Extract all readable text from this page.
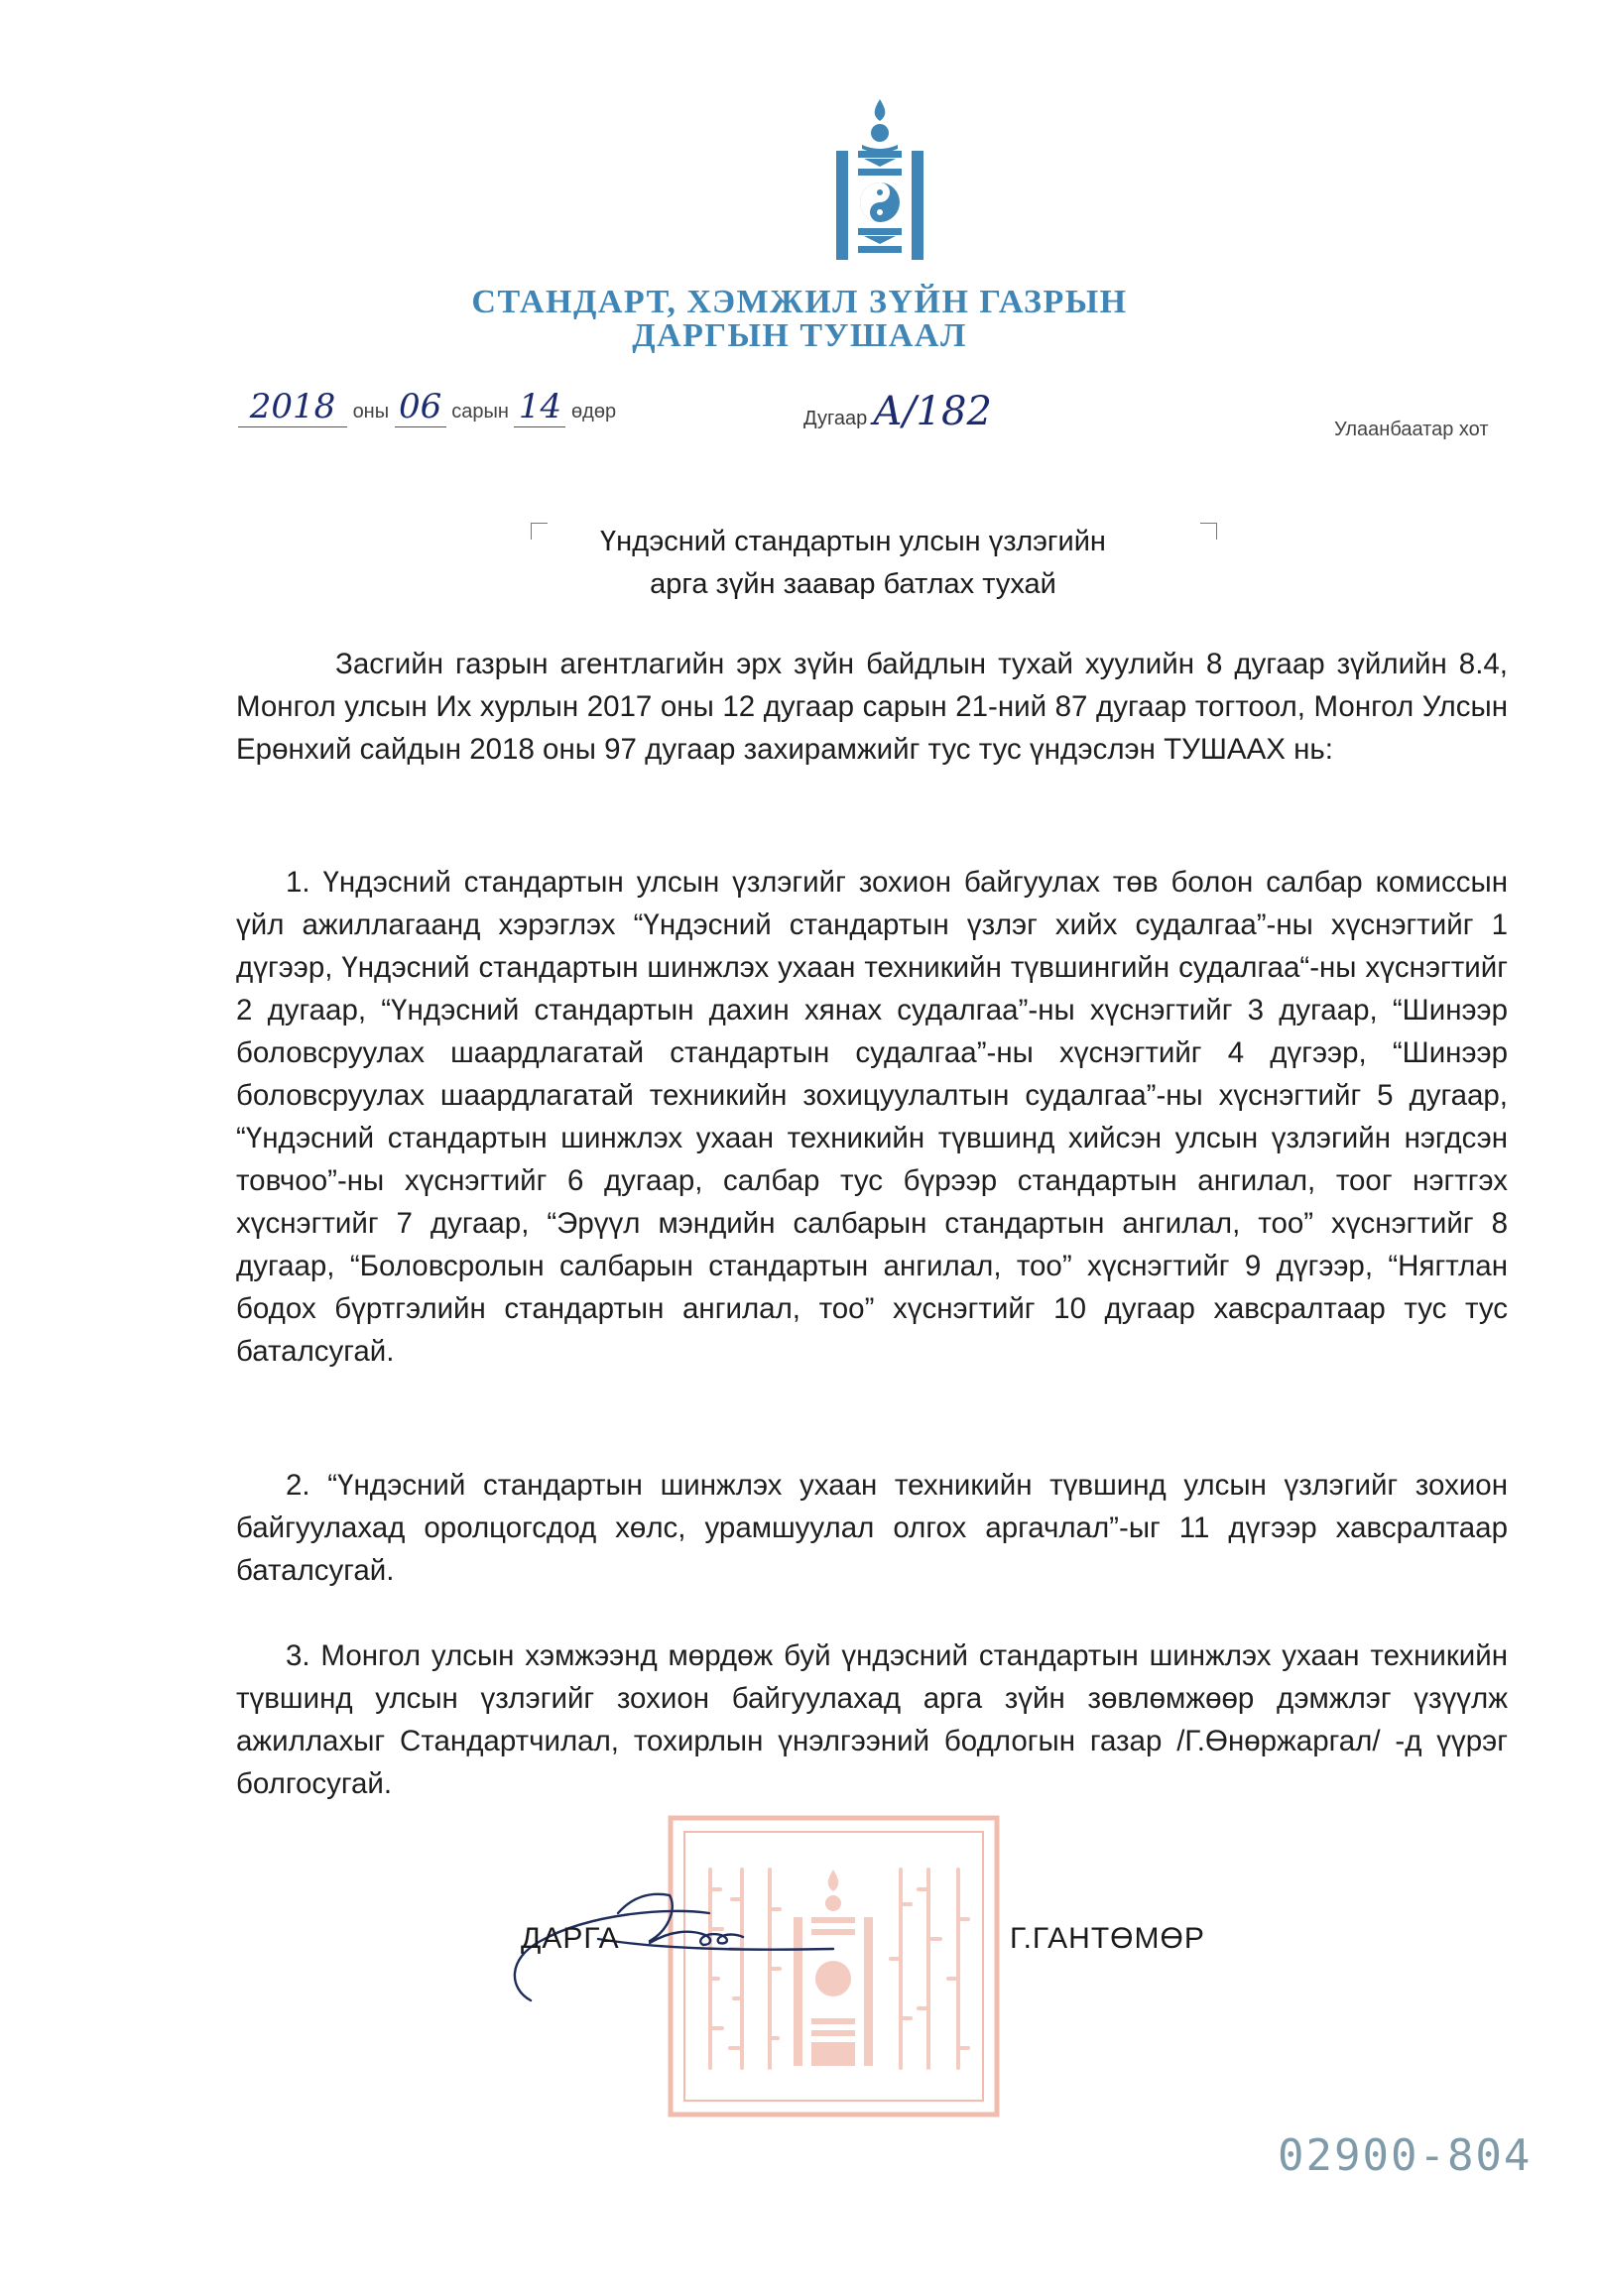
СТАНДАРТ, ХЭМЖИЛ ЗҮЙН ГАЗРЫН
ДАРГЫН ТУШААЛ
2018 оны 06 сарын 14 өдөр	Дугаар А/182	Улаанбаатар хот
Үндэсний стандартын улсын үзлэгийн
арга зүйн заавар батлах тухай
Засгийн газрын агентлагийн эрх зүйн байдлын тухай хуулийн 8 дугаар зүйлийн 8.4, Монгол улсын Их хурлын 2017 оны 12 дугаар сарын 21-ний 87 дугаар тогтоол, Монгол Улсын Ерөнхий сайдын 2018 оны 97 дугаар захирамжийг тус тус үндэслэн ТУШААХ нь:
1. Үндэсний стандартын улсын үзлэгийг зохион байгуулах төв болон салбар комиссын үйл ажиллагаанд хэрэглэх “Үндэсний стандартын үзлэг хийх судалгаа”-ны хүснэгтийг 1 дүгээр, Үндэсний стандартын шинжлэх ухаан техникийн түвшингийн судалгаа“-ны хүснэгтийг 2 дугаар, “Үндэсний стандартын дахин хянах судалгаа”-ны хүснэгтийг 3 дугаар, “Шинээр боловсруулах шаардлагатай стандартын судалгаа”-ны хүснэгтийг 4 дүгээр, “Шинээр боловсруулах шаардлагатай техникийн зохицуулалтын судалгаа”-ны хүснэгтийг 5 дугаар, “Үндэсний стандартын шинжлэх ухаан техникийн түвшинд хийсэн улсын үзлэгийн нэгдсэн товчоо”-ны хүснэгтийг 6 дугаар, салбар тус бүрээр стандартын ангилал, тоог нэгтгэх хүснэгтийг 7 дугаар, “Эрүүл мэндийн салбарын стандартын ангилал, тоо” хүснэгтийг 8 дугаар, “Боловсролын салбарын стандартын ангилал, тоо” хүснэгтийг 9 дүгээр, “Нягтлан бодох бүртгэлийн стандартын ангилал, тоо” хүснэгтийг 10 дугаар хавсралтаар тус тус баталсугай.
2. “Үндэсний стандартын шинжлэх ухаан техникийн түвшинд улсын үзлэгийг зохион байгуулахад оролцогсдод хөлс, урамшуулал олгох аргачлал”-ыг 11 дүгээр хавсралтаар баталсугай.
3. Монгол улсын хэмжээнд мөрдөж буй үндэсний стандартын шинжлэх ухаан техникийн түвшинд улсын үзлэгийг зохион байгуулахад арга зүйн зөвлөмжөөр дэмжлэг үзүүлж ажиллахыг Стандартчилал, тохирлын үнэлгээний бодлогын газар /Г.Өнөржаргал/ -д үүрэг болгосугай.
ДАРГА	Г.ГАНТӨМӨР
02900-804
